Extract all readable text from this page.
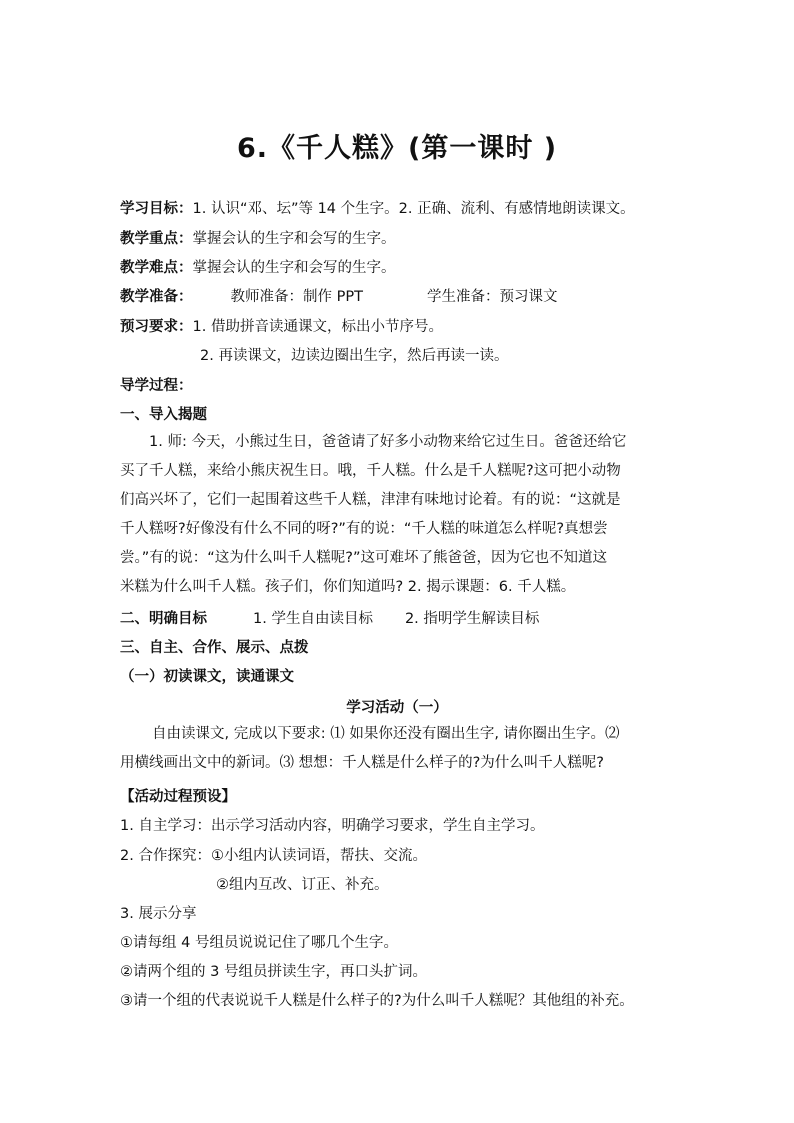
6.《千人糕》(第一课时 )
学习目标：1. 认识“邓、坛”等 14 个生字。2. 正确、流利、有感情地朗读课文。
教学重点：掌握会认的生字和会写的生字。
教学难点：掌握会认的生字和会写的生字。
教学准备：	教师准备：制作 PPT	学生准备：预习课文
预习要求：1. 借助拼音读通课文，标出小节序号。
2. 再读课文，边读边圈出生字，然后再读一读。
导学过程：
一、导入揭题
1. 师: 今天，小熊过生日，爸爸请了好多小动物来给它过生日。爸爸还给它
买了千人糕，来给小熊庆祝生日。哦，千人糕。什么是千人糕呢?这可把小动物
们高兴坏了，它们一起围着这些千人糕，津津有味地讨论着。有的说：“这就是
千人糕呀?好像没有什么不同的呀?”有的说：“千人糕的味道怎么样呢?真想尝
尝。”有的说：“这为什么叫千人糕呢?”这可难坏了熊爸爸，因为它也不知道这
米糕为什么叫千人糕。孩子们，你们知道吗? 2. 揭示课题：6. 千人糕。
二、明确目标	1. 学生自由读目标 2. 指明学生解读目标
三、自主、合作、展示、点拨
（一）初读课文，读通课文
学习活动（一）
自由读课文, 完成以下要求: ⑴ 如果你还没有圈出生字, 请你圈出生字。⑵
用横线画出文中的新词。⑶ 想想：千人糕是什么样子的?为什么叫千人糕呢?
【活动过程预设】
1. 自主学习：出示学习活动内容，明确学习要求，学生自主学习。
2. 合作探究：①小组内认读词语，帮扶、交流。
②组内互改、订正、补充。
3. 展示分享
①请每组 4 号组员说说记住了哪几个生字。
②请两个组的 3 号组员拼读生字，再口头扩词。
③请一个组的代表说说千人糕是什么样子的?为什么叫千人糕呢？其他组的补充。
